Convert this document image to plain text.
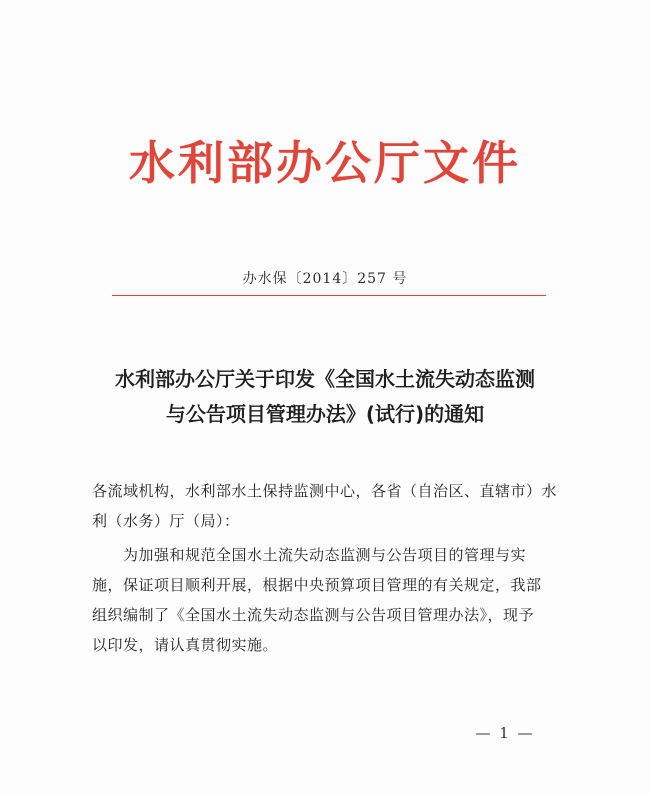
水利部办公厅文件
办水保〔2014〕257 号
水利部办公厅关于印发《全国水土流失动态监测
与公告项目管理办法》(试行)的通知
各流域机构，水利部水土保持监测中心，各省（自治区、直辖市）水
利（水务）厅（局）：
为加强和规范全国水土流失动态监测与公告项目的管理与实
施，保证项目顺利开展，根据中央预算项目管理的有关规定，我部
组织编制了《全国水土流失动态监测与公告项目管理办法》，现予
以印发，请认真贯彻实施。
— 1 —
